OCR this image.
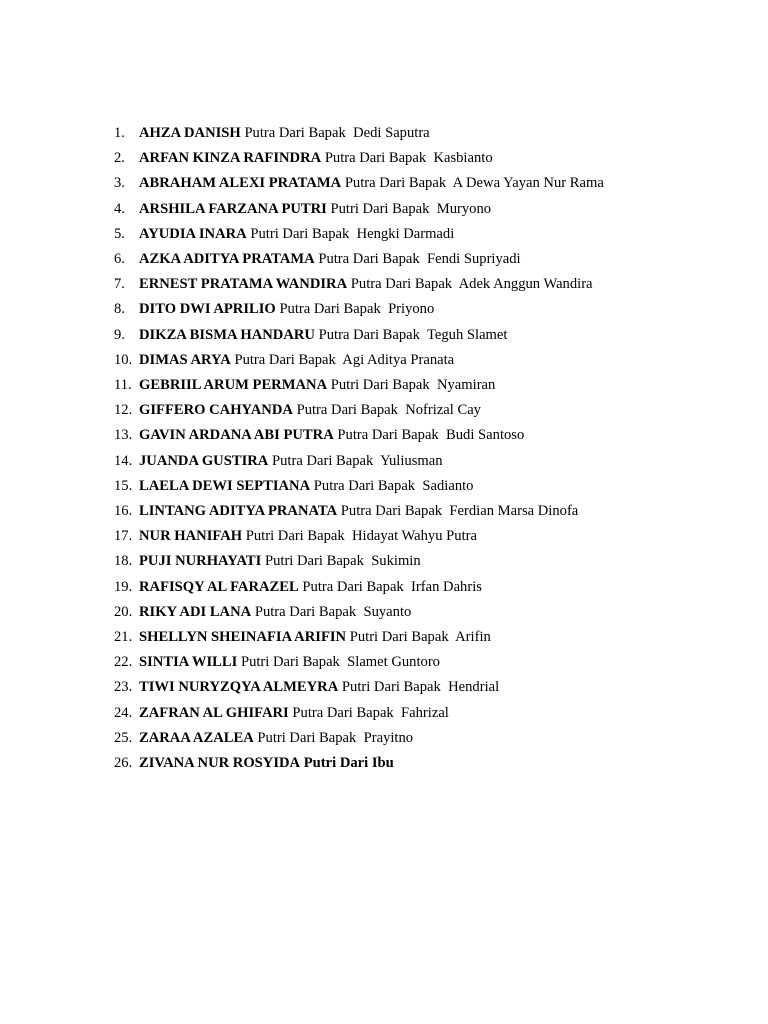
1. AHZA DANISH Putra Dari Bapak Dedi Saputra
2. ARFAN KINZA RAFINDRA Putra Dari Bapak Kasbianto
3. ABRAHAM ALEXI PRATAMA Putra Dari Bapak A Dewa Yayan Nur Rama
4. ARSHILA FARZANA PUTRI Putri Dari Bapak Muryono
5. AYUDIA INARA Putri Dari Bapak Hengki Darmadi
6. AZKA ADITYA PRATAMA Putra Dari Bapak Fendi Supriyadi
7. ERNEST PRATAMA WANDIRA Putra Dari Bapak Adek Anggun Wandira
8. DITO DWI APRILIO Putra Dari Bapak Priyono
9. DIKZA BISMA HANDARU Putra Dari Bapak Teguh Slamet
10. DIMAS ARYA Putra Dari Bapak Agi Aditya Pranata
11. GEBRIIL ARUM PERMANA Putri Dari Bapak Nyamiran
12. GIFFERO CAHYANDA Putra Dari Bapak Nofrizal Cay
13. GAVIN ARDANA ABI PUTRA Putra Dari Bapak Budi Santoso
14. JUANDA GUSTIRA Putra Dari Bapak Yuliusman
15. LAELA DEWI SEPTIANA Putra Dari Bapak Sadianto
16. LINTANG ADITYA PRANATA Putra Dari Bapak Ferdian Marsa Dinofa
17. NUR HANIFAH Putri Dari Bapak Hidayat Wahyu Putra
18. PUJI NURHAYATI Putri Dari Bapak Sukimin
19. RAFISQY AL FARAZEL Putra Dari Bapak Irfan Dahris
20. RIKY ADI LANA Putra Dari Bapak Suyanto
21. SHELLYN SHEINAFIA ARIFIN Putri Dari Bapak Arifin
22. SINTIA WILLI Putri Dari Bapak Slamet Guntoro
23. TIWI NURYZQYA ALMEYRA Putri Dari Bapak Hendrial
24. ZAFRAN AL GHIFARI Putra Dari Bapak Fahrizal
25. ZARAA AZALEA Putri Dari Bapak Prayitno
26. ZIVANA NUR ROSYIDA Putri Dari Ibu
